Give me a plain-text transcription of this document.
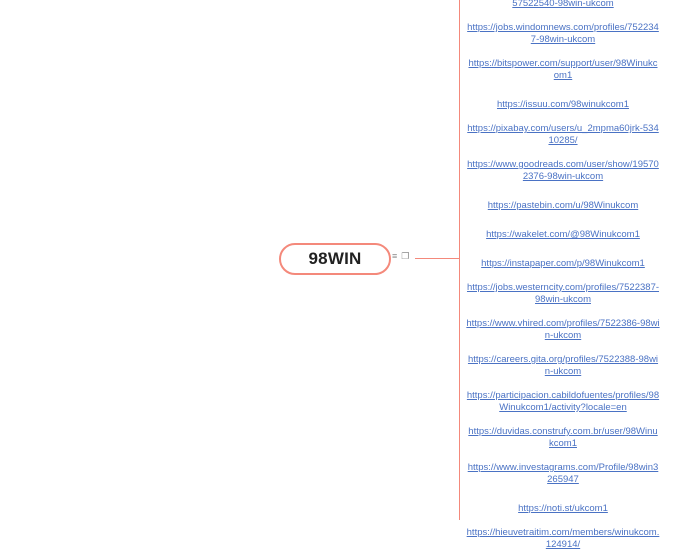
98WIN	≡ ❐
57522540-98win-ukcom
https://jobs.windomnews.com/profiles/7522347-98win-ukcom
https://bitspower.com/support/user/98Winukcom1
https://issuu.com/98winukcom1
https://pixabay.com/users/u_2mpma60jrk-53410285/
https://www.goodreads.com/user/show/195702376-98win-ukcom
https://pastebin.com/u/98Winukcom
https://wakelet.com/@98Winukcom1
https://instapaper.com/p/98Winukcom1
https://jobs.westerncity.com/profiles/7522387-98win-ukcom
https://www.vhired.com/profiles/7522386-98win-ukcom
https://careers.gita.org/profiles/7522388-98win-ukcom
https://participacion.cabildofuentes/profiles/98Winukcom1/activity?locale=en
https://duvidas.construfy.com.br/user/98Winukcom1
https://www.investagrams.com/Profile/98win3265947
https://noti.st/ukcom1
https://hieuvetraitim.com/members/winukcom.124914/
